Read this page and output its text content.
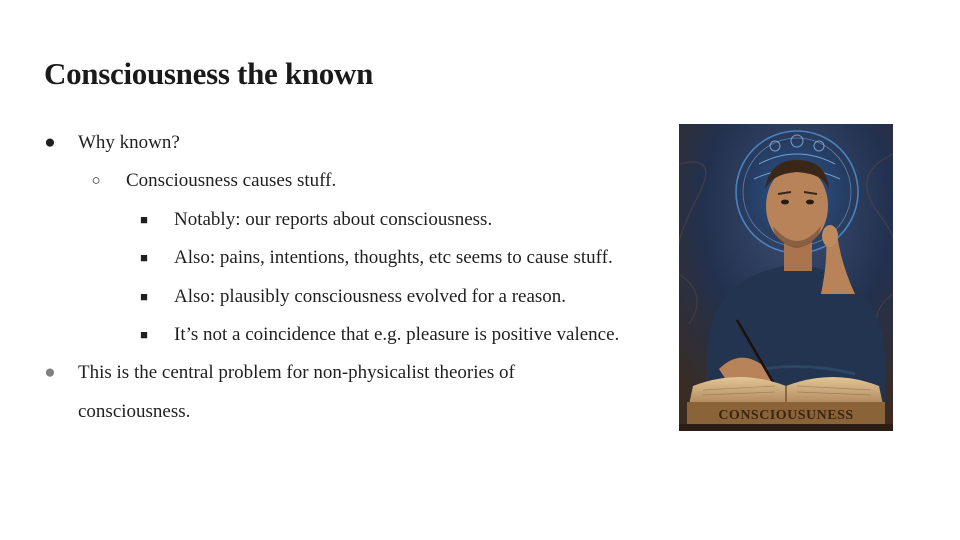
Consciousness the known
● Why known?
○ Consciousness causes stuff.
■	Notably: our reports about consciousness.
■	Also: pains, intentions, thoughts, etc seems to cause stuff.
■	Also: plausibly consciousness evolved for a reason.
■	It’s not a coincidence that e.g. pleasure is positive valence.
● This is the central problem for non-physicalist theories of consciousness.	CONSCIOUSUNESS
